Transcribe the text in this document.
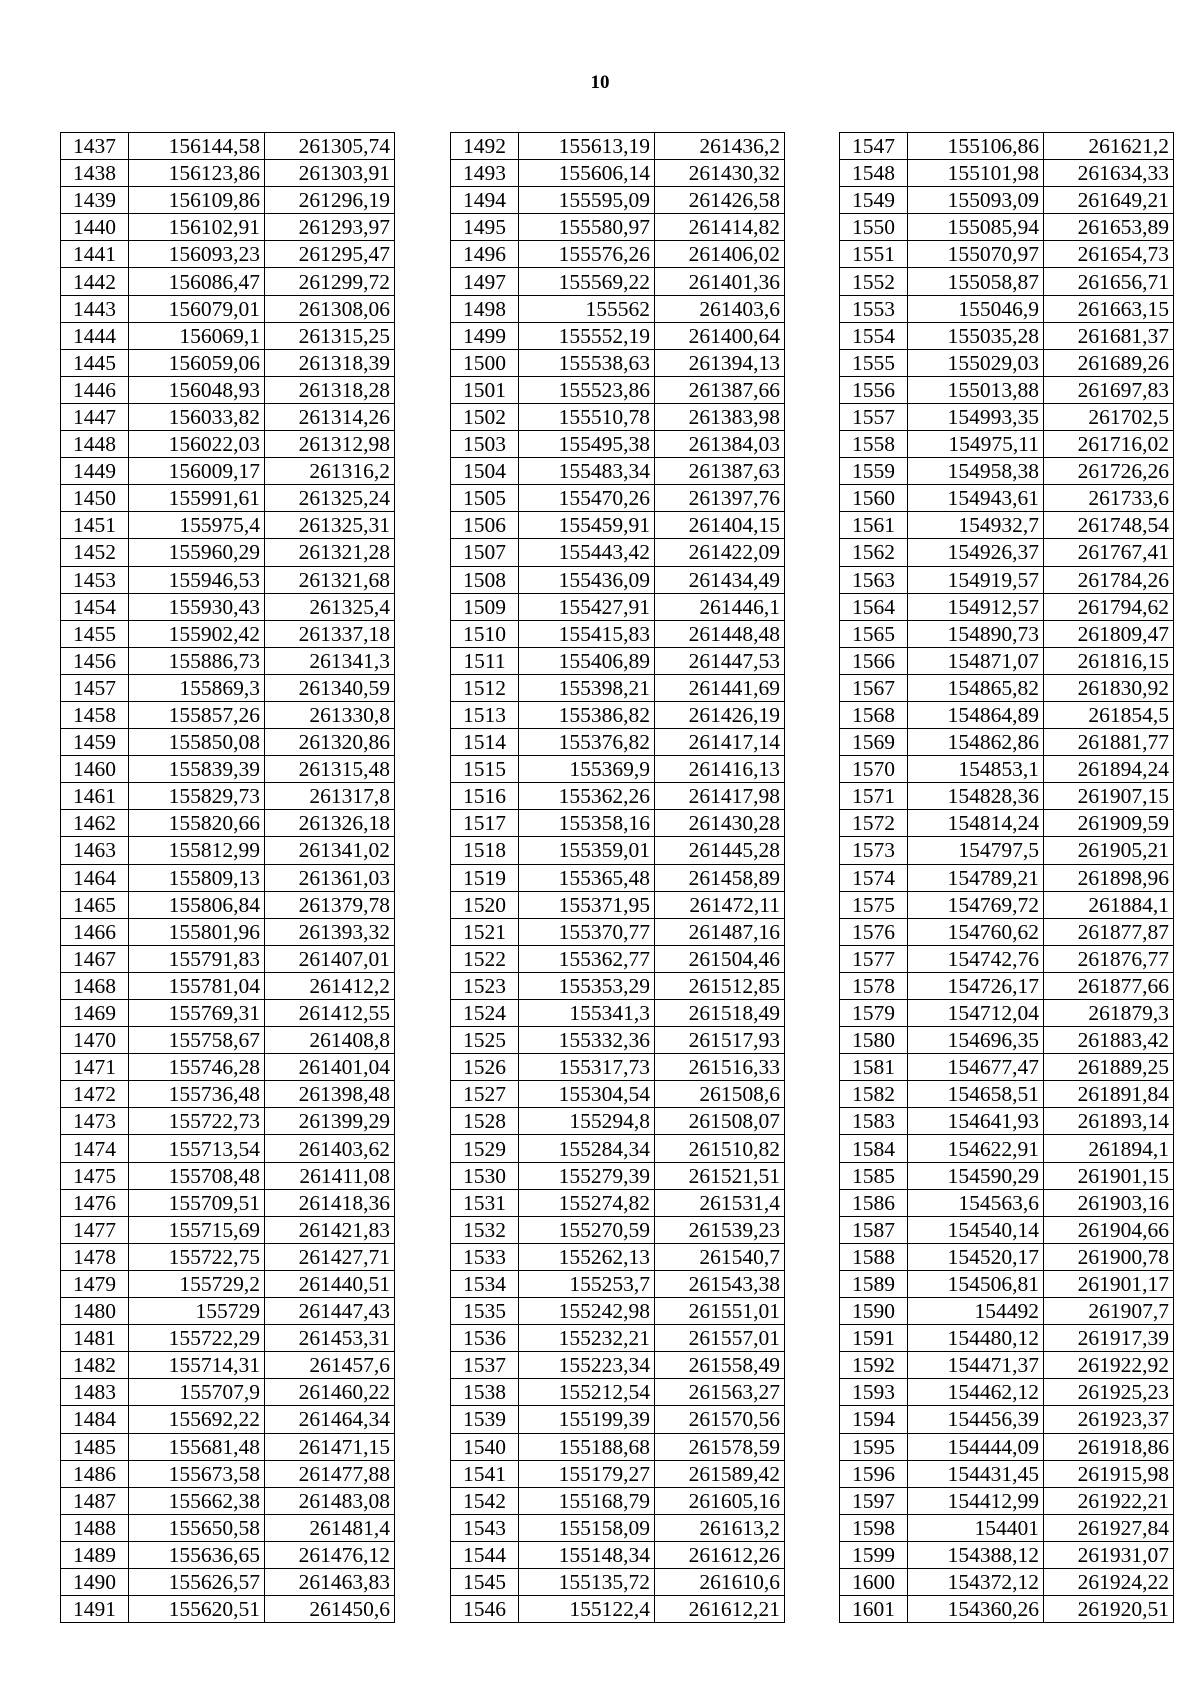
10
1437	156144,58	261305,74
1438	156123,86	261303,91
1439	156109,86	261296,19
1440	156102,91	261293,97
1441	156093,23	261295,47
1442	156086,47	261299,72
1443	156079,01	261308,06
1444	156069,1	261315,25
1445	156059,06	261318,39
1446	156048,93	261318,28
1447	156033,82	261314,26
1448	156022,03	261312,98
1449	156009,17	261316,2
1450	155991,61	261325,24
1451	155975,4	261325,31
1452	155960,29	261321,28
1453	155946,53	261321,68
1454	155930,43	261325,4
1455	155902,42	261337,18
1456	155886,73	261341,3
1457	155869,3	261340,59
1458	155857,26	261330,8
1459	155850,08	261320,86
1460	155839,39	261315,48
1461	155829,73	261317,8
1462	155820,66	261326,18
1463	155812,99	261341,02
1464	155809,13	261361,03
1465	155806,84	261379,78
1466	155801,96	261393,32
1467	155791,83	261407,01
1468	155781,04	261412,2
1469	155769,31	261412,55
1470	155758,67	261408,8
1471	155746,28	261401,04
1472	155736,48	261398,48
1473	155722,73	261399,29
1474	155713,54	261403,62
1475	155708,48	261411,08
1476	155709,51	261418,36
1477	155715,69	261421,83
1478	155722,75	261427,71
1479	155729,2	261440,51
1480	155729	261447,43
1481	155722,29	261453,31
1482	155714,31	261457,6
1483	155707,9	261460,22
1484	155692,22	261464,34
1485	155681,48	261471,15
1486	155673,58	261477,88
1487	155662,38	261483,08
1488	155650,58	261481,4
1489	155636,65	261476,12
1490	155626,57	261463,83
1491	155620,51	261450,6
1492	155613,19	261436,2
1493	155606,14	261430,32
1494	155595,09	261426,58
1495	155580,97	261414,82
1496	155576,26	261406,02
1497	155569,22	261401,36
1498	155562	261403,6
1499	155552,19	261400,64
1500	155538,63	261394,13
1501	155523,86	261387,66
1502	155510,78	261383,98
1503	155495,38	261384,03
1504	155483,34	261387,63
1505	155470,26	261397,76
1506	155459,91	261404,15
1507	155443,42	261422,09
1508	155436,09	261434,49
1509	155427,91	261446,1
1510	155415,83	261448,48
1511	155406,89	261447,53
1512	155398,21	261441,69
1513	155386,82	261426,19
1514	155376,82	261417,14
1515	155369,9	261416,13
1516	155362,26	261417,98
1517	155358,16	261430,28
1518	155359,01	261445,28
1519	155365,48	261458,89
1520	155371,95	261472,11
1521	155370,77	261487,16
1522	155362,77	261504,46
1523	155353,29	261512,85
1524	155341,3	261518,49
1525	155332,36	261517,93
1526	155317,73	261516,33
1527	155304,54	261508,6
1528	155294,8	261508,07
1529	155284,34	261510,82
1530	155279,39	261521,51
1531	155274,82	261531,4
1532	155270,59	261539,23
1533	155262,13	261540,7
1534	155253,7	261543,38
1535	155242,98	261551,01
1536	155232,21	261557,01
1537	155223,34	261558,49
1538	155212,54	261563,27
1539	155199,39	261570,56
1540	155188,68	261578,59
1541	155179,27	261589,42
1542	155168,79	261605,16
1543	155158,09	261613,2
1544	155148,34	261612,26
1545	155135,72	261610,6
1546	155122,4	261612,21
1547	155106,86	261621,2
1548	155101,98	261634,33
1549	155093,09	261649,21
1550	155085,94	261653,89
1551	155070,97	261654,73
1552	155058,87	261656,71
1553	155046,9	261663,15
1554	155035,28	261681,37
1555	155029,03	261689,26
1556	155013,88	261697,83
1557	154993,35	261702,5
1558	154975,11	261716,02
1559	154958,38	261726,26
1560	154943,61	261733,6
1561	154932,7	261748,54
1562	154926,37	261767,41
1563	154919,57	261784,26
1564	154912,57	261794,62
1565	154890,73	261809,47
1566	154871,07	261816,15
1567	154865,82	261830,92
1568	154864,89	261854,5
1569	154862,86	261881,77
1570	154853,1	261894,24
1571	154828,36	261907,15
1572	154814,24	261909,59
1573	154797,5	261905,21
1574	154789,21	261898,96
1575	154769,72	261884,1
1576	154760,62	261877,87
1577	154742,76	261876,77
1578	154726,17	261877,66
1579	154712,04	261879,3
1580	154696,35	261883,42
1581	154677,47	261889,25
1582	154658,51	261891,84
1583	154641,93	261893,14
1584	154622,91	261894,1
1585	154590,29	261901,15
1586	154563,6	261903,16
1587	154540,14	261904,66
1588	154520,17	261900,78
1589	154506,81	261901,17
1590	154492	261907,7
1591	154480,12	261917,39
1592	154471,37	261922,92
1593	154462,12	261925,23
1594	154456,39	261923,37
1595	154444,09	261918,86
1596	154431,45	261915,98
1597	154412,99	261922,21
1598	154401	261927,84
1599	154388,12	261931,07
1600	154372,12	261924,22
1601	154360,26	261920,51
